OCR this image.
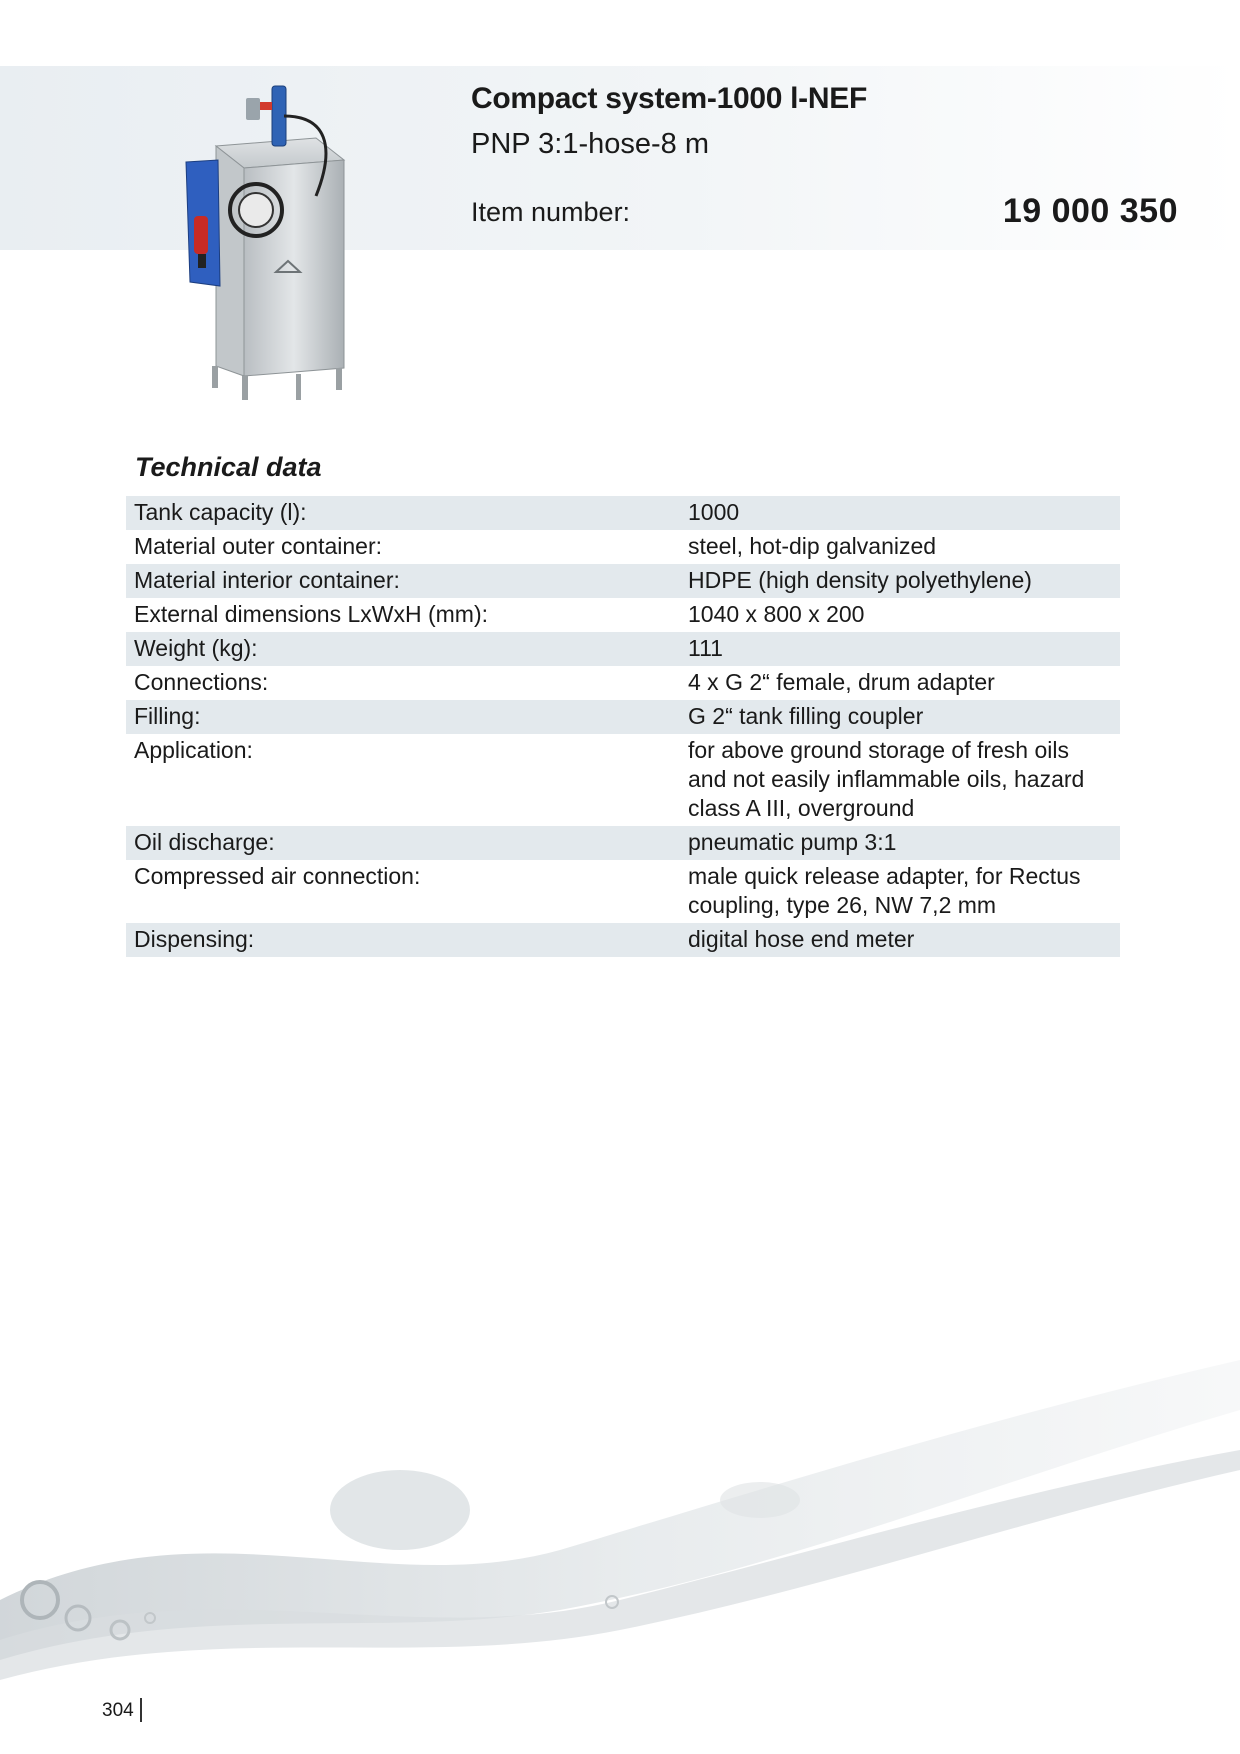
Compact system-1000 l-NEF
PNP 3:1-hose-8 m
Item number:	19 000 350
Technical data
Tank capacity (l):	1000
Material outer container:	steel, hot-dip galvanized
Material interior container:	HDPE (high density polyethylene)
External dimensions LxWxH (mm):	1040 x 800 x 200
Weight (kg):	111
Connections:	4 x G 2“ female, drum adapter
Filling:	G 2“ tank filling coupler
Application:	for above ground storage of fresh oils and not easily inflammable oils, hazard class A III, overground
Oil discharge:	pneumatic pump 3:1
Compressed air connection:	male quick release adapter, for Rectus coupling, type 26, NW 7,2 mm
Dispensing:	digital hose end meter
304
